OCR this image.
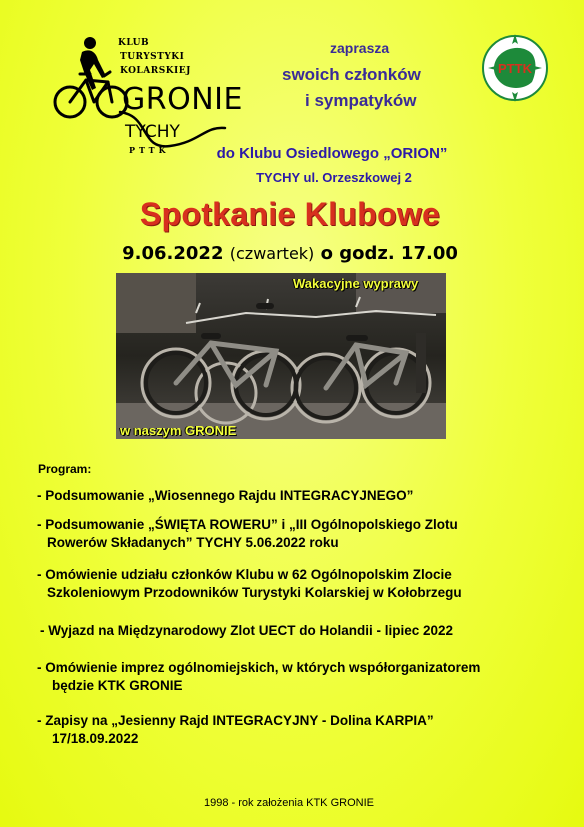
KLUB
TURYSTYKI
KOLARSKIEJ
GRONIE
TYCHY
PTTK
zaprasza
swoich członków
i sympatyków
PTTK
do Klubu Osiedlowego „ORION”
TYCHY ul. Orzeszkowej 2
Spotkanie Klubowe
9.06.2022 (czwartek) o godz. 17.00
Wakacyjne wyprawy
w naszym GRONIE
Program:
- Podsumowanie „Wiosennego Rajdu INTEGRACYJNEGO”
- Podsumowanie „ŚWIĘTA ROWERU” i „III Ogólnopolskiego Zlotu
Rowerów Składanych” TYCHY 5.06.2022 roku
- Omówienie udziału członków Klubu w 62 Ogólnopolskim Zlocie
Szkoleniowym Przodowników Turystyki Kolarskiej w Kołobrzegu
- Wyjazd na Międzynarodowy Zlot UECT do Holandii - lipiec 2022
- Omówienie imprez ogólnomiejskich, w których współorganizatorem
będzie KTK GRONIE
- Zapisy na „Jesienny Rajd INTEGRACYJNY - Dolina KARPIA”
17/18.09.2022
1998 - rok założenia KTK GRONIE
